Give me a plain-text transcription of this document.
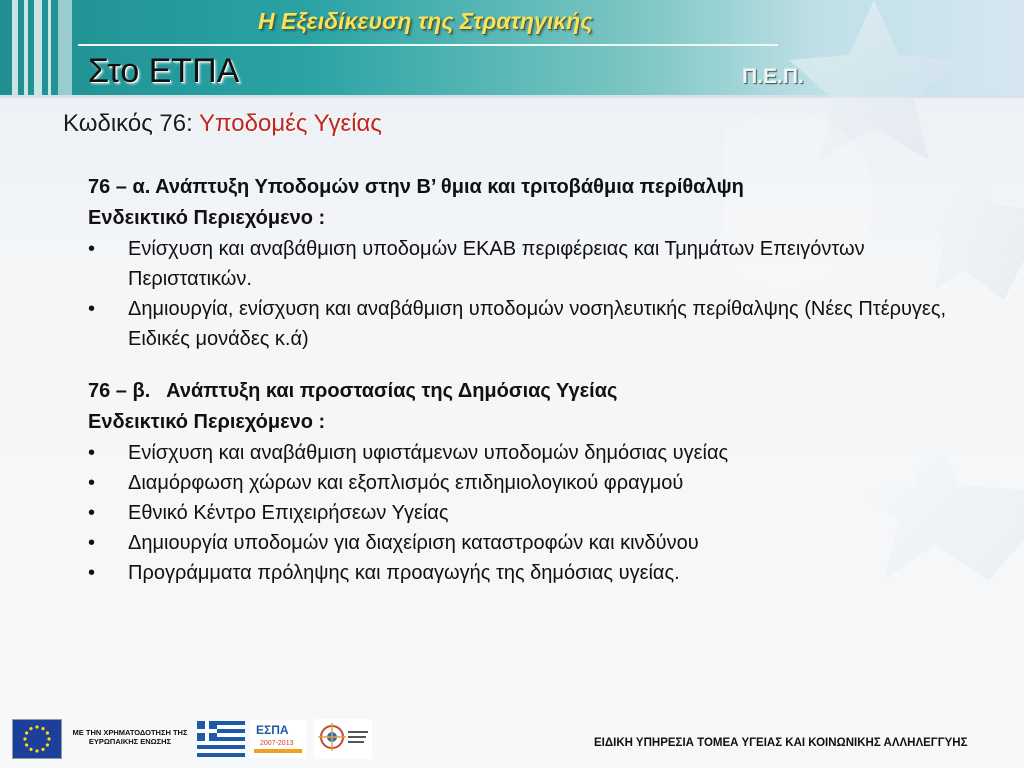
Η Εξειδίκευση της Στρατηγικής
Στο ΕΤΠΑ	Π.Ε.Π.
Κωδικός 76: Υποδομές Υγείας
76 – α. Ανάπτυξη Υποδομών στην Β’ θμια και τριτοβάθμια περίθαλψη
Ενδεικτικό Περιεχόμενο :
• Ενίσχυση και αναβάθμιση υποδομών ΕΚΑΒ περιφέρειας και Τμημάτων Επειγόντων Περιστατικών.
• Δημιουργία, ενίσχυση και αναβάθμιση υποδομών νοσηλευτικής περίθαλψης (Νέες Πτέρυγες, Ειδικές μονάδες κ.ά)
76 – β.   Ανάπτυξη και προστασίας της Δημόσιας Υγείας
Ενδεικτικό Περιεχόμενο :
• Ενίσχυση και αναβάθμιση υφιστάμενων υποδομών δημόσιας υγείας
• Διαμόρφωση χώρων και εξοπλισμός επιδημιολογικού φραγμού
• Εθνικό Κέντρο Επιχειρήσεων Υγείας
• Δημιουργία υποδομών για διαχείριση καταστροφών και κινδύνου
• Προγράμματα πρόληψης και προαγωγής της δημόσιας υγείας.
ΜΕ ΤΗΝ ΧΡΗΜΑΤΟΔΟΤΗΣΗ ΤΗΣ ΕΥΡΩΠΑΙΚΗΣ ΕΝΩΣΗΣ
ΕΣΠΑ
2007-2013	ΕΙΔΙΚΗ ΥΠΗΡΕΣΙΑ ΤΟΜΕΑ ΥΓΕΙΑΣ ΚΑΙ ΚΟΙΝΩΝΙΚΗΣ ΑΛΛΗΛΕΓΓΥΗΣ
